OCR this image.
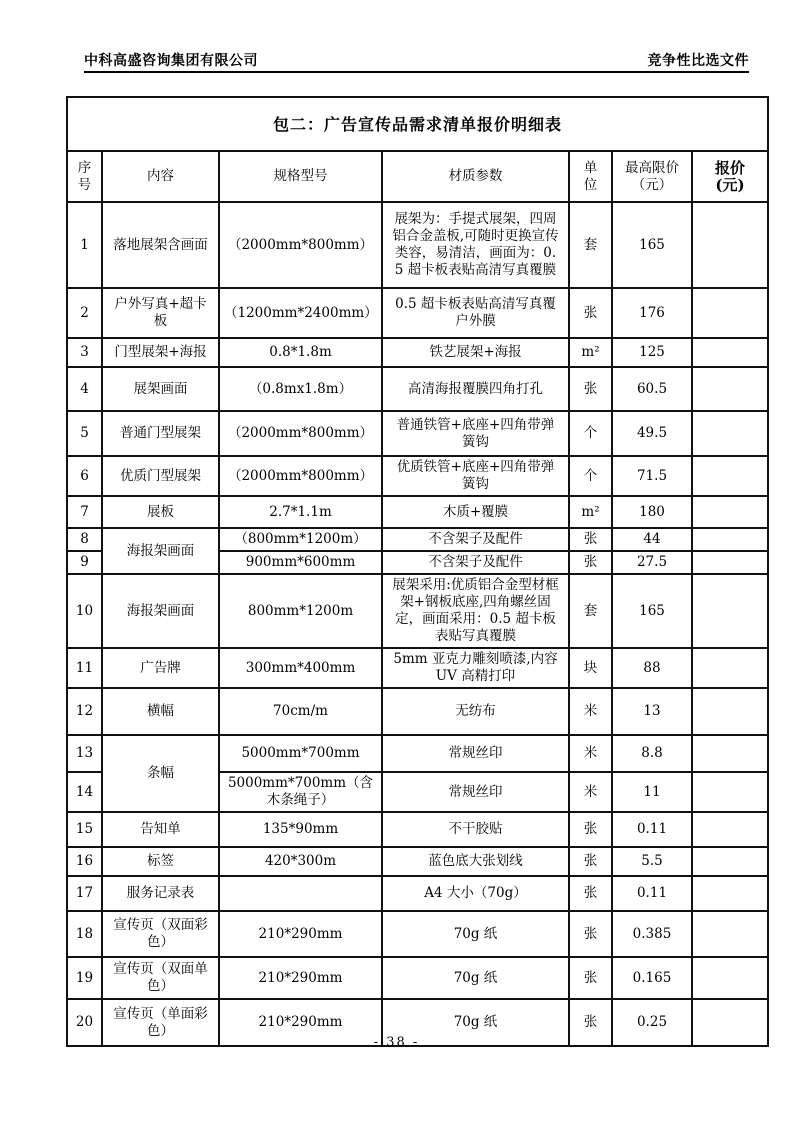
中科高盛咨询集团有限公司	竞争性比选文件
包二：广告宣传品需求清单报价明细表						
序号	内容	规格型号	材质参数	单位	最高限价（元）	报价(元)
1	落地展架含画面	（2000mm*800mm）	展架为：手提式展架，四周铝合金盖板,可随时更换宣传类容，易清洁，画面为：0.5 超卡板表贴高清写真覆膜	套	165	
2	户外写真+超卡板	（1200mm*2400mm）	0.5 超卡板表贴高清写真覆户外膜	张	176	
3	门型展架+海报	0.8*1.8m	铁艺展架+海报	m²	125	
4	展架画面	（0.8mx1.8m）	高清海报覆膜四角打孔	张	60.5	
5	普通门型展架	（2000mm*800mm）	普通铁管+底座+四角带弹簧钩	个	49.5	
6	优质门型展架	（2000mm*800mm）	优质铁管+底座+四角带弹簧钩	个	71.5	
7	展板	2.7*1.1m	木质+覆膜	m²	180	
8	海报架画面	（800mm*1200m）	不含架子及配件	张	44	
9		900mm*600mm	不含架子及配件	张	27.5	
10	海报架画面	800mm*1200m	展架采用:优质铝合金型材框架+钢板底座,四角螺丝固定，画面采用：0.5 超卡板表贴写真覆膜	套	165	
11	广告牌	300mm*400mm	5mm 亚克力雕刻喷漆,内容 UV 高精打印	块	88	
12	横幅	70cm/m	无纺布	米	13	
13	条幅	5000mm*700mm	常规丝印	米	8.8	
14		5000mm*700mm（含木条绳子）	常规丝印	米	11	
15	告知单	135*90mm	不干胶贴	张	0.11	
16	标签	420*300m	蓝色底大张划线	张	5.5	
17	服务记录表		A4 大小（70g）	张	0.11	
18	宣传页（双面彩色）	210*290mm	70g 纸	张	0.385	
19	宣传页（双面单色）	210*290mm	70g 纸	张	0.165	
20	宣传页（单面彩色）	210*290mm	70g 纸	张	0.25	
- 38 -
